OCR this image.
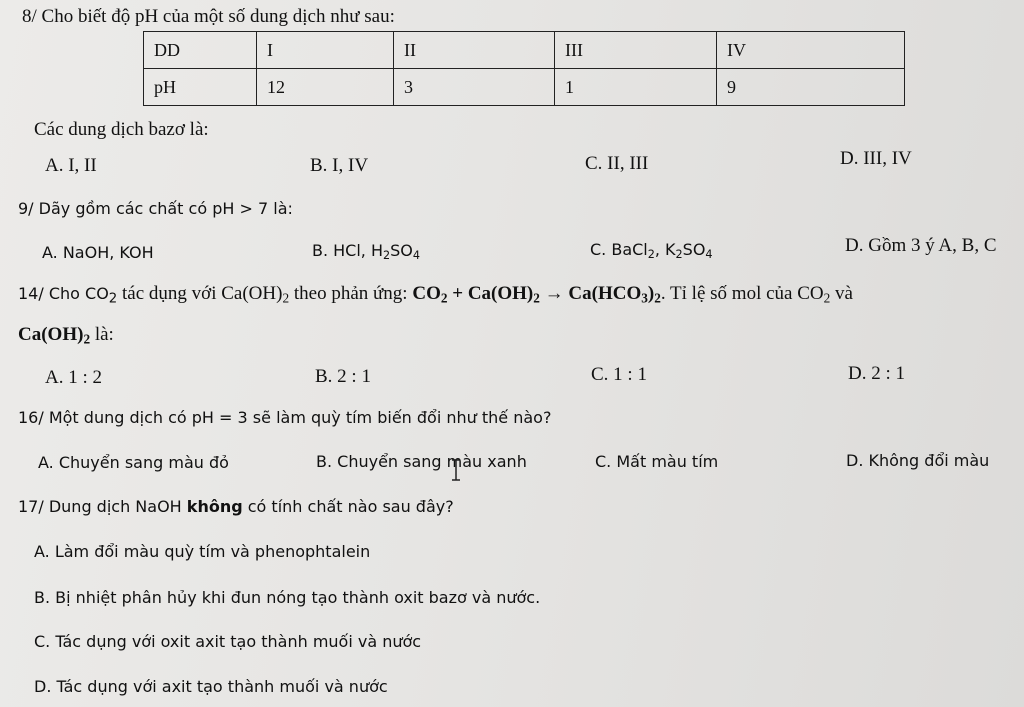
8/ Cho biết độ pH của một số dung dịch như sau:
DD	I	II	III	IV
pH	12	3	1	9
Các dung dịch bazơ là:
A. I, II	B. I, IV	C. II, III	D. III, IV
9/ Dãy gồm các chất có pH > 7 là:
A. NaOH, KOH	B. HCl, $H_2SO_4$	C. BaCl$_2$, $K_2SO_4$	D. Gồm 3 ý A, B, C
14/ Cho $CO_2$ tác dụng với $Ca(OH)_2$ theo phản ứng: $CO_2 + Ca(OH)_2 \to Ca(HCO_3)_2$. Tỉ lệ số mol của $CO_2$ và
$Ca(OH)_2$ là:
A. 1 : 2	B. 2 : 1	C. 1 : 1	D. 2 : 1
16/ Một dung dịch có pH = 3 sẽ làm quỳ tím biến đổi như thế nào?
A. Chuyển sang màu đỏ	B. Chuyển sang màu xanh	C. Mất màu tím	D. Không đổi màu
17/ Dung dịch NaOH không có tính chất nào sau đây?
A. Làm đổi màu quỳ tím và phenophtalein
B. Bị nhiệt phân hủy khi đun nóng tạo thành oxit bazơ và nước.
C. Tác dụng với oxit axit tạo thành muối và nước
D. Tác dụng với axit tạo thành muối và nước
